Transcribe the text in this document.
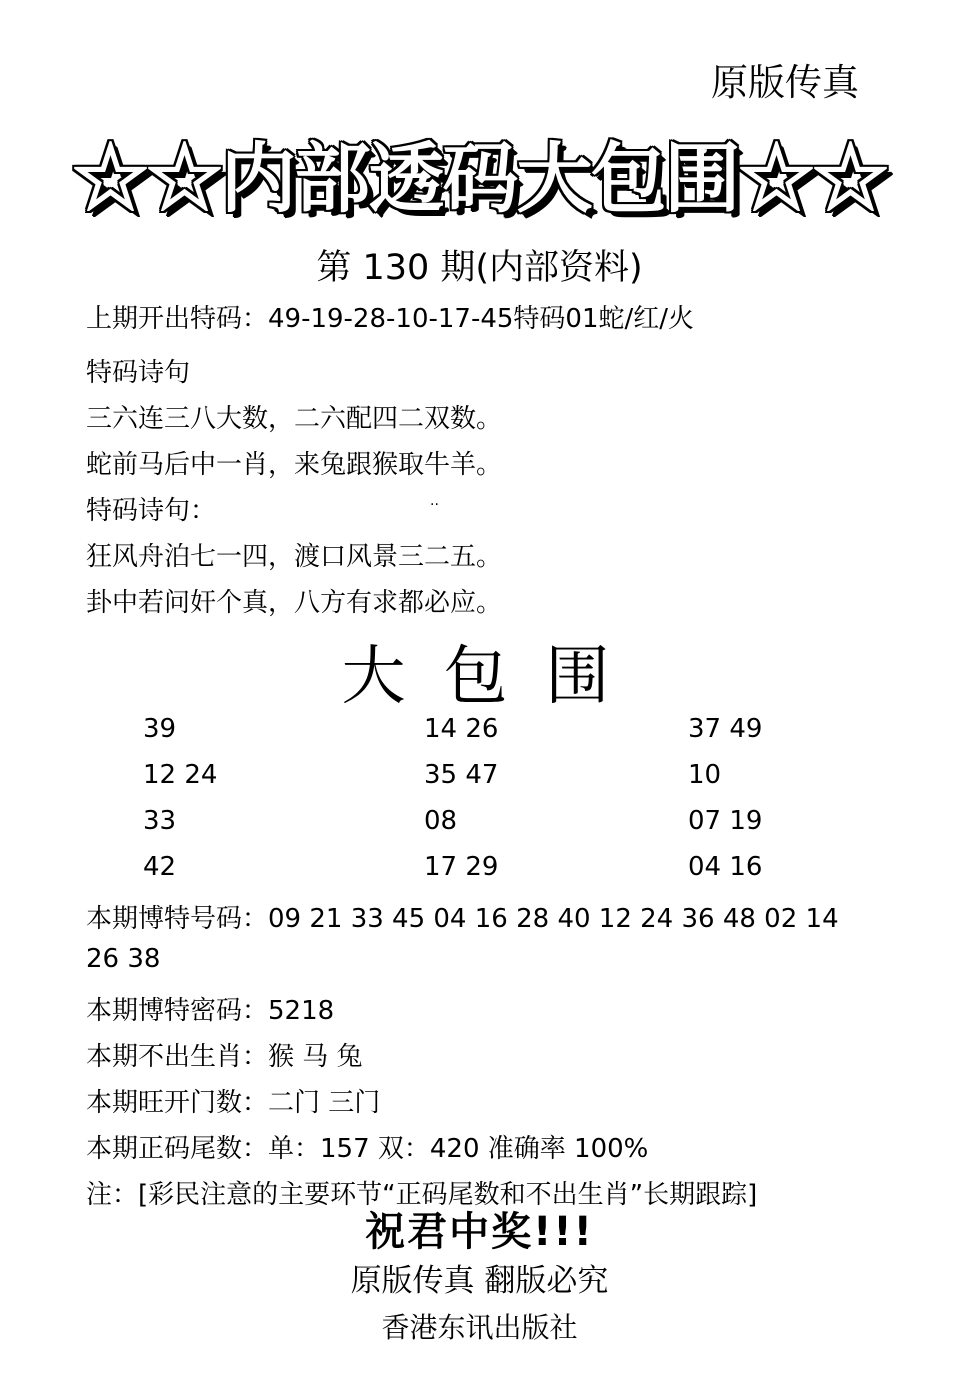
原版传真
☆☆内部透码大包围☆☆
第 130 期(内部资料)
上期开出特码：49-19-28-10-17-45特码01蛇/红/火
特码诗句
三六连三八大数，二六配四二双数。
蛇前马后中一肖，来兔跟猴取牛羊。
特码诗句：	..
狂风舟泊七一四，渡口风景三二五。
卦中若问奸个真，八方有求都必应。
大包围
39	14 26	37 49
12 24	35 47	10
33	08	07 19
42	17 29	04 16
本期博特号码：09 21 33 45 04 16 28 40 12 24 36 48 02 14
26 38
本期博特密码：5218
本期不出生肖：猴 马 兔
本期旺开门数：二门 三门
本期正码尾数：单：157 双：420 准确率 100%
注：[彩民注意的主要环节“正码尾数和不出生肖”长期跟踪]
祝君中奖!!!
原版传真 翻版必究
香港东讯出版社
